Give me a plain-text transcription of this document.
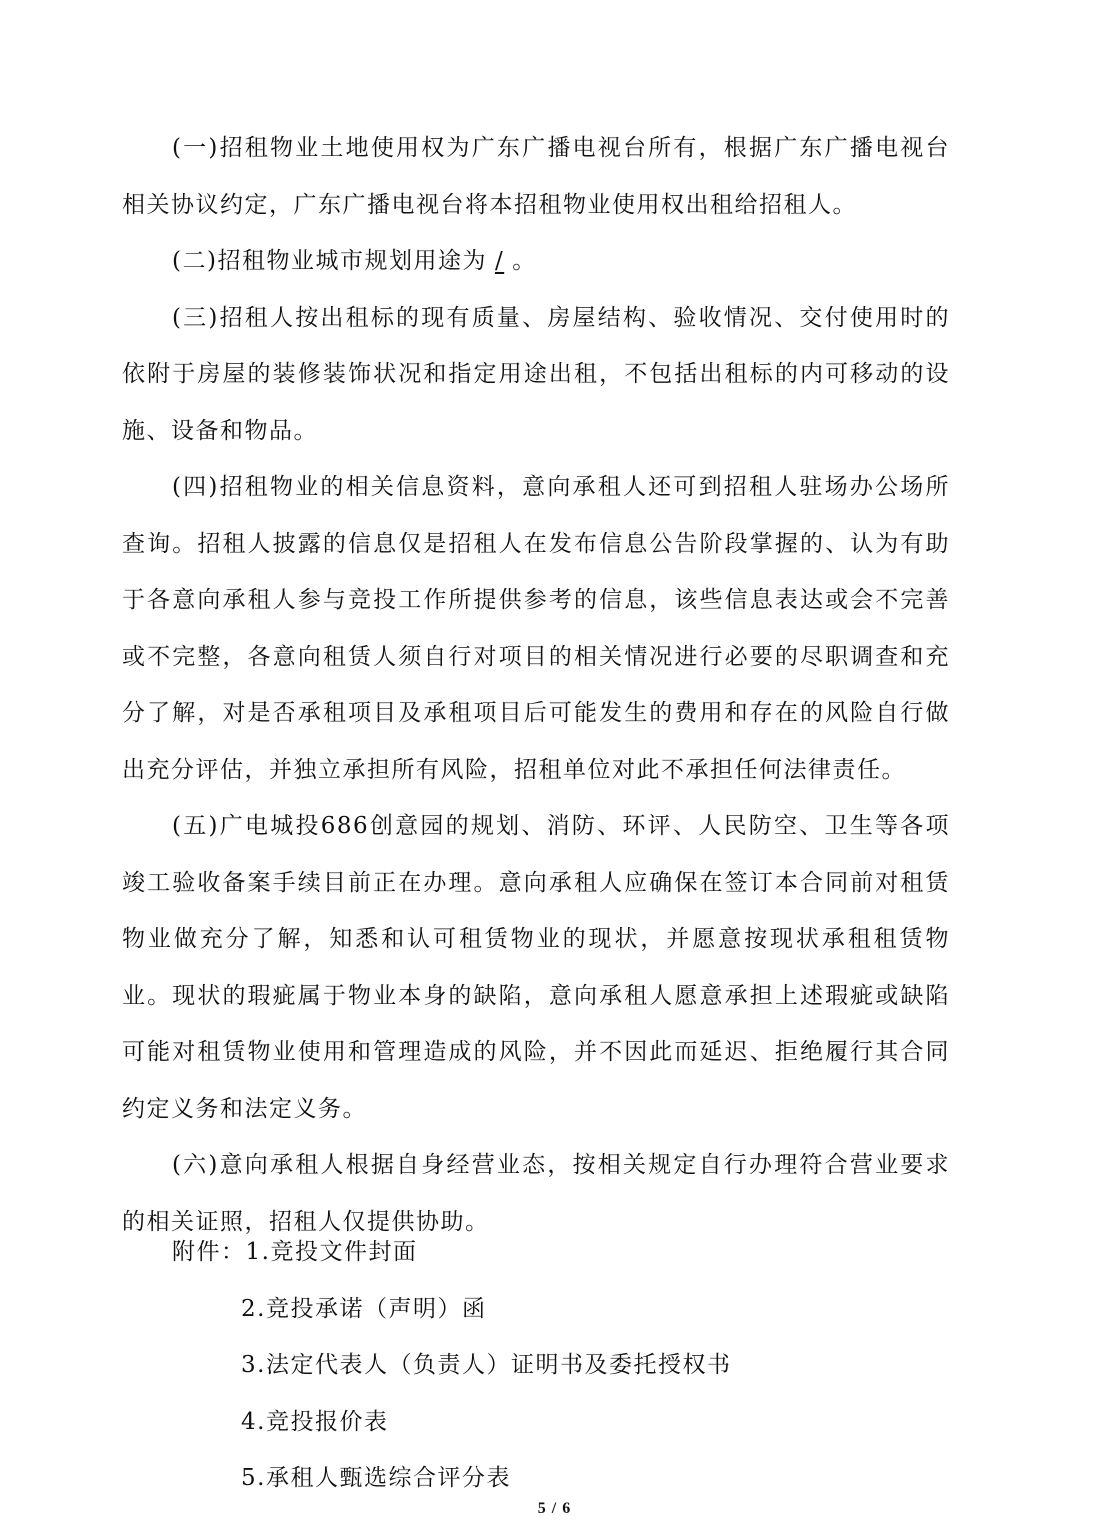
(一)招租物业土地使用权为广东广播电视台所有，根据广东广播电视台相关协议约定，广东广播电视台将本招租物业使用权出租给招租人。

(二)招租物业城市规划用途为 / 。

(三)招租人按出租标的现有质量、房屋结构、验收情况、交付使用时的依附于房屋的装修装饰状况和指定用途出租，不包括出租标的内可移动的设施、设备和物品。

(四)招租物业的相关信息资料，意向承租人还可到招租人驻场办公场所查询。招租人披露的信息仅是招租人在发布信息公告阶段掌握的、认为有助于各意向承租人参与竞投工作所提供参考的信息，该些信息表达或会不完善或不完整，各意向租赁人须自行对项目的相关情况进行必要的尽职调查和充分了解，对是否承租项目及承租项目后可能发生的费用和存在的风险自行做出充分评估，并独立承担所有风险，招租单位对此不承担任何法律责任。

(五)广电城投686创意园的规划、消防、环评、人民防空、卫生等各项竣工验收备案手续目前正在办理。意向承租人应确保在签订本合同前对租赁物业做充分了解，知悉和认可租赁物业的现状，并愿意按现状承租租赁物业。现状的瑕疵属于物业本身的缺陷，意向承租人愿意承担上述瑕疵或缺陷可能对租赁物业使用和管理造成的风险，并不因此而延迟、拒绝履行其合同约定义务和法定义务。

(六)意向承租人根据自身经营业态，按相关规定自行办理符合营业要求的相关证照，招租人仅提供协助。

附件：1.竞投文件封面
2.竞投承诺（声明）函
3.法定代表人（负责人）证明书及委托授权书
4.竞投报价表
5.承租人甄选综合评分表
5 / 6
